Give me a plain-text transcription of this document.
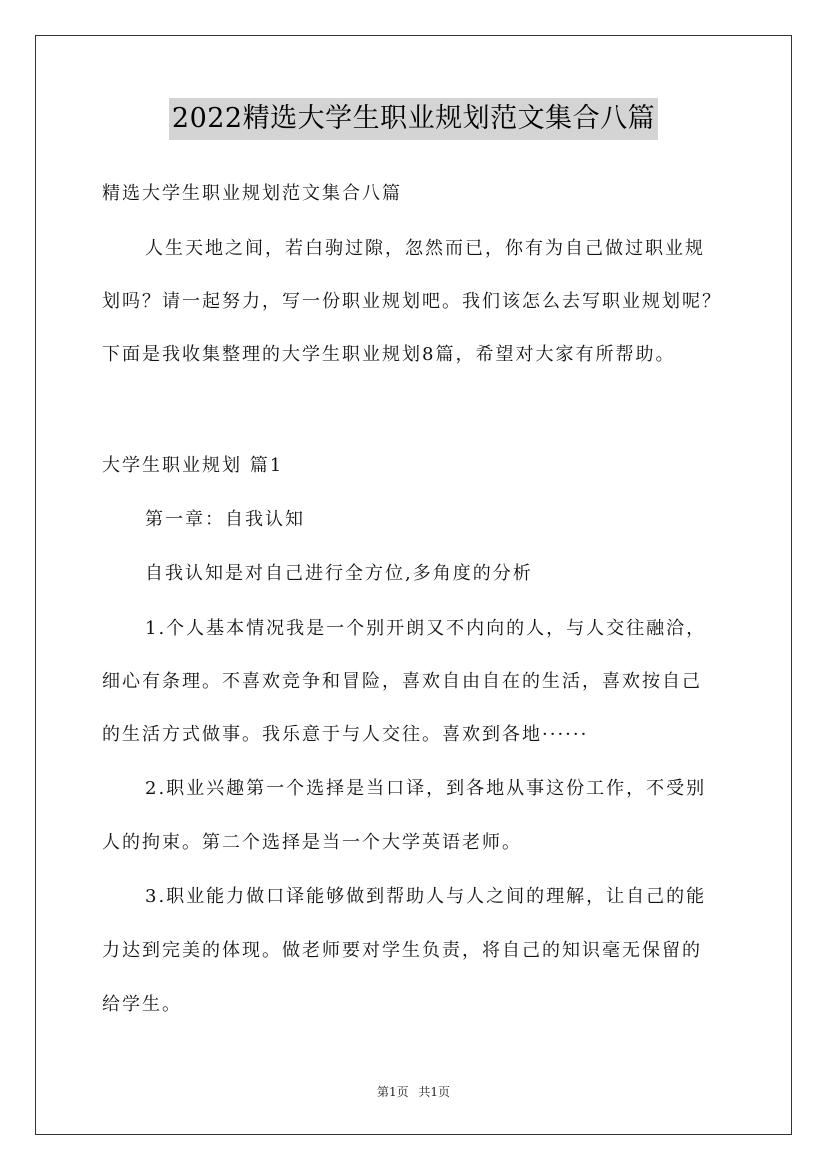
2022精选大学生职业规划范文集合八篇
精选大学生职业规划范文集合八篇
人生天地之间，若白驹过隙，忽然而已，你有为自己做过职业规
划吗？请一起努力，写一份职业规划吧。我们该怎么去写职业规划呢？
下面是我收集整理的大学生职业规划8篇，希望对大家有所帮助。
大学生职业规划 篇1
第一章：自我认知
自我认知是对自己进行全方位,多角度的分析
1.个人基本情况我是一个别开朗又不内向的人，与人交往融洽，
细心有条理。不喜欢竞争和冒险，喜欢自由自在的生活，喜欢按自己
的生活方式做事。我乐意于与人交往。喜欢到各地······
2.职业兴趣第一个选择是当口译，到各地从事这份工作，不受别
人的拘束。第二个选择是当一个大学英语老师。
3.职业能力做口译能够做到帮助人与人之间的理解，让自己的能
力达到完美的体现。做老师要对学生负责，将自己的知识毫无保留的
给学生。
第1页 共1页
